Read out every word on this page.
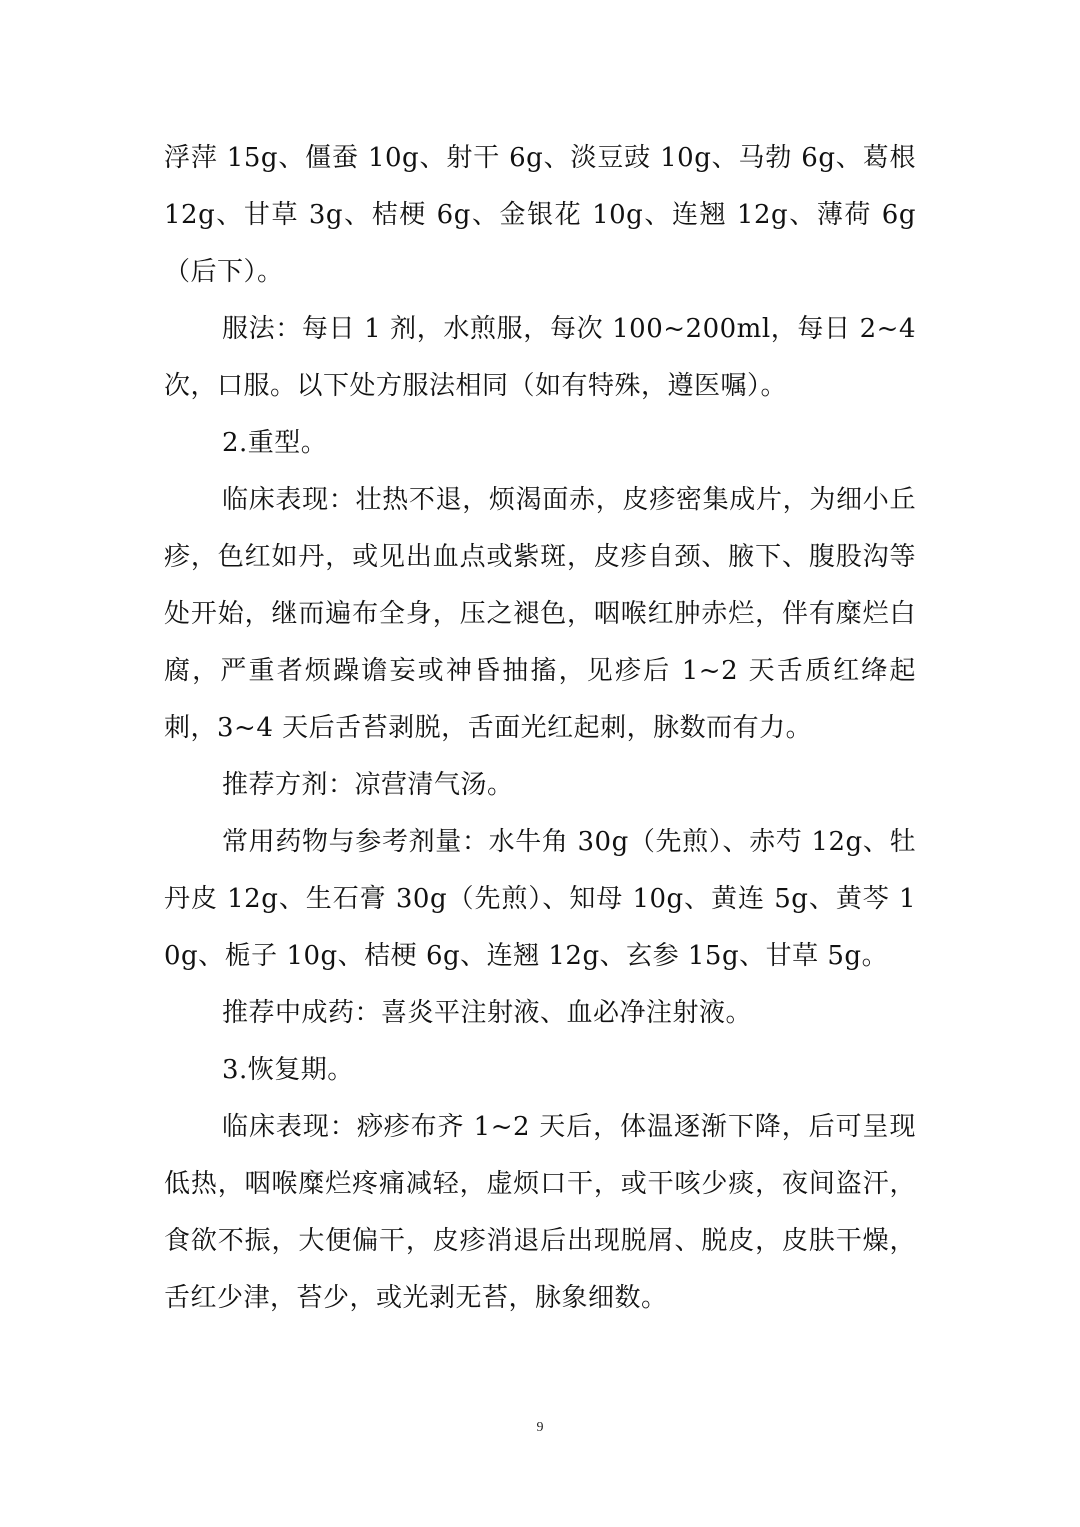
浮萍 15g、僵蚕 10g、射干 6g、淡豆豉 10g、马勃 6g、葛根 12g、甘草 3g、桔梗 6g、金银花 10g、连翘 12g、薄荷 6g（后下）。

服法：每日 1 剂，水煎服，每次 100~200ml，每日 2~4 次，口服。以下处方服法相同（如有特殊，遵医嘱）。

2.重型。

临床表现：壮热不退，烦渴面赤，皮疹密集成片，为细小丘疹，色红如丹，或见出血点或紫斑，皮疹自颈、腋下、腹股沟等处开始，继而遍布全身，压之褪色，咽喉红肿赤烂，伴有糜烂白腐，严重者烦躁谵妄或神昏抽搐，见疹后 1~2 天舌质红绛起刺，3~4 天后舌苔剥脱，舌面光红起刺，脉数而有力。

推荐方剂：凉营清气汤。

常用药物与参考剂量：水牛角 30g（先煎）、赤芍 12g、牡丹皮 12g、生石膏 30g（先煎）、知母 10g、黄连 5g、黄芩 10g、栀子 10g、桔梗 6g、连翘 12g、玄参 15g、甘草 5g。

推荐中成药：喜炎平注射液、血必净注射液。

3.恢复期。

临床表现：痧疹布齐 1~2 天后，体温逐渐下降，后可呈现低热，咽喉糜烂疼痛减轻，虚烦口干，或干咳少痰，夜间盗汗，食欲不振，大便偏干，皮疹消退后出现脱屑、脱皮，皮肤干燥，舌红少津，苔少，或光剥无苔，脉象细数。

9
